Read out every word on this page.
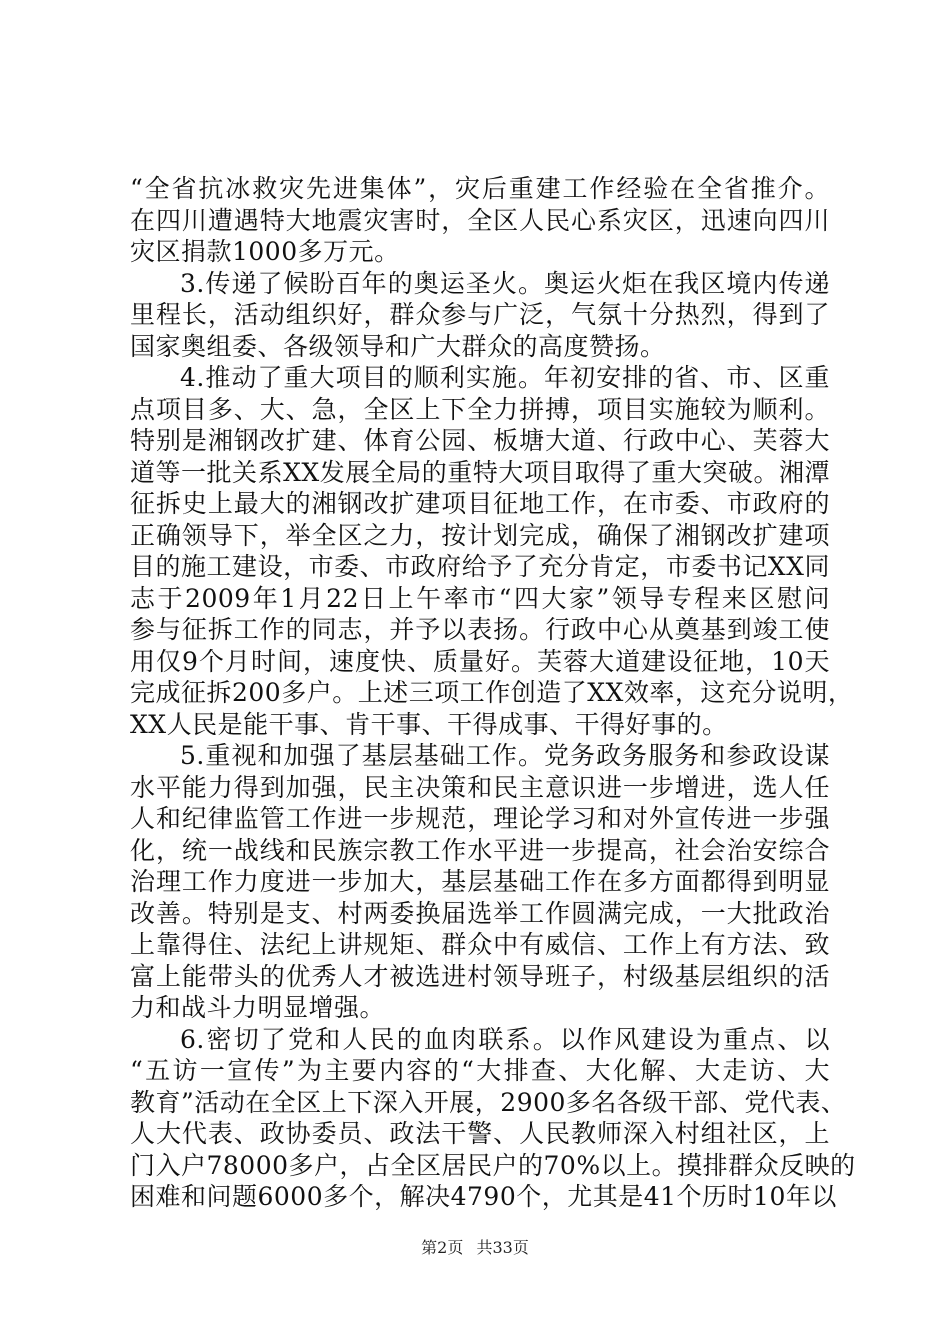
“全省抗冰救灾先进集体”，灾后重建工作经验在全省推介。
在四川遭遇特大地震灾害时，全区人民心系灾区，迅速向四川
灾区捐款1000多万元。
3.传递了候盼百年的奥运圣火。奥运火炬在我区境内传递
里程长，活动组织好，群众参与广泛，气氛十分热烈，得到了
国家奥组委、各级领导和广大群众的高度赞扬。
4.推动了重大项目的顺利实施。年初安排的省、市、区重
点项目多、大、急，全区上下全力拼搏，项目实施较为顺利。
特别是湘钢改扩建、体育公园、板塘大道、行政中心、芙蓉大
道等一批关系XX发展全局的重特大项目取得了重大突破。湘潭
征拆史上最大的湘钢改扩建项目征地工作，在市委、市政府的
正确领导下，举全区之力，按计划完成，确保了湘钢改扩建项
目的施工建设，市委、市政府给予了充分肯定，市委书记XX同
志于2009年1月22日上午率市“四大家”领导专程来区慰问
参与征拆工作的同志，并予以表扬。行政中心从奠基到竣工使
用仅9个月时间，速度快、质量好。芙蓉大道建设征地，10天
完成征拆200多户。上述三项工作创造了XX效率，这充分说明，
XX人民是能干事、肯干事、干得成事、干得好事的。
5.重视和加强了基层基础工作。党务政务服务和参政设谋
水平能力得到加强，民主决策和民主意识进一步增进，选人任
人和纪律监管工作进一步规范，理论学习和对外宣传进一步强
化，统一战线和民族宗教工作水平进一步提高，社会治安综合
治理工作力度进一步加大，基层基础工作在多方面都得到明显
改善。特别是支、村两委换届选举工作圆满完成，一大批政治
上靠得住、法纪上讲规矩、群众中有威信、工作上有方法、致
富上能带头的优秀人才被选进村领导班子，村级基层组织的活
力和战斗力明显增强。
6.密切了党和人民的血肉联系。以作风建设为重点、以
“五访一宣传”为主要内容的“大排查、大化解、大走访、大
教育”活动在全区上下深入开展，2900多名各级干部、党代表、
人大代表、政协委员、政法干警、人民教师深入村组社区，上
门入户78000多户，占全区居民户的70%以上。摸排群众反映的
困难和问题6000多个，解决4790个，尤其是41个历时10年以
第2页 共33页
